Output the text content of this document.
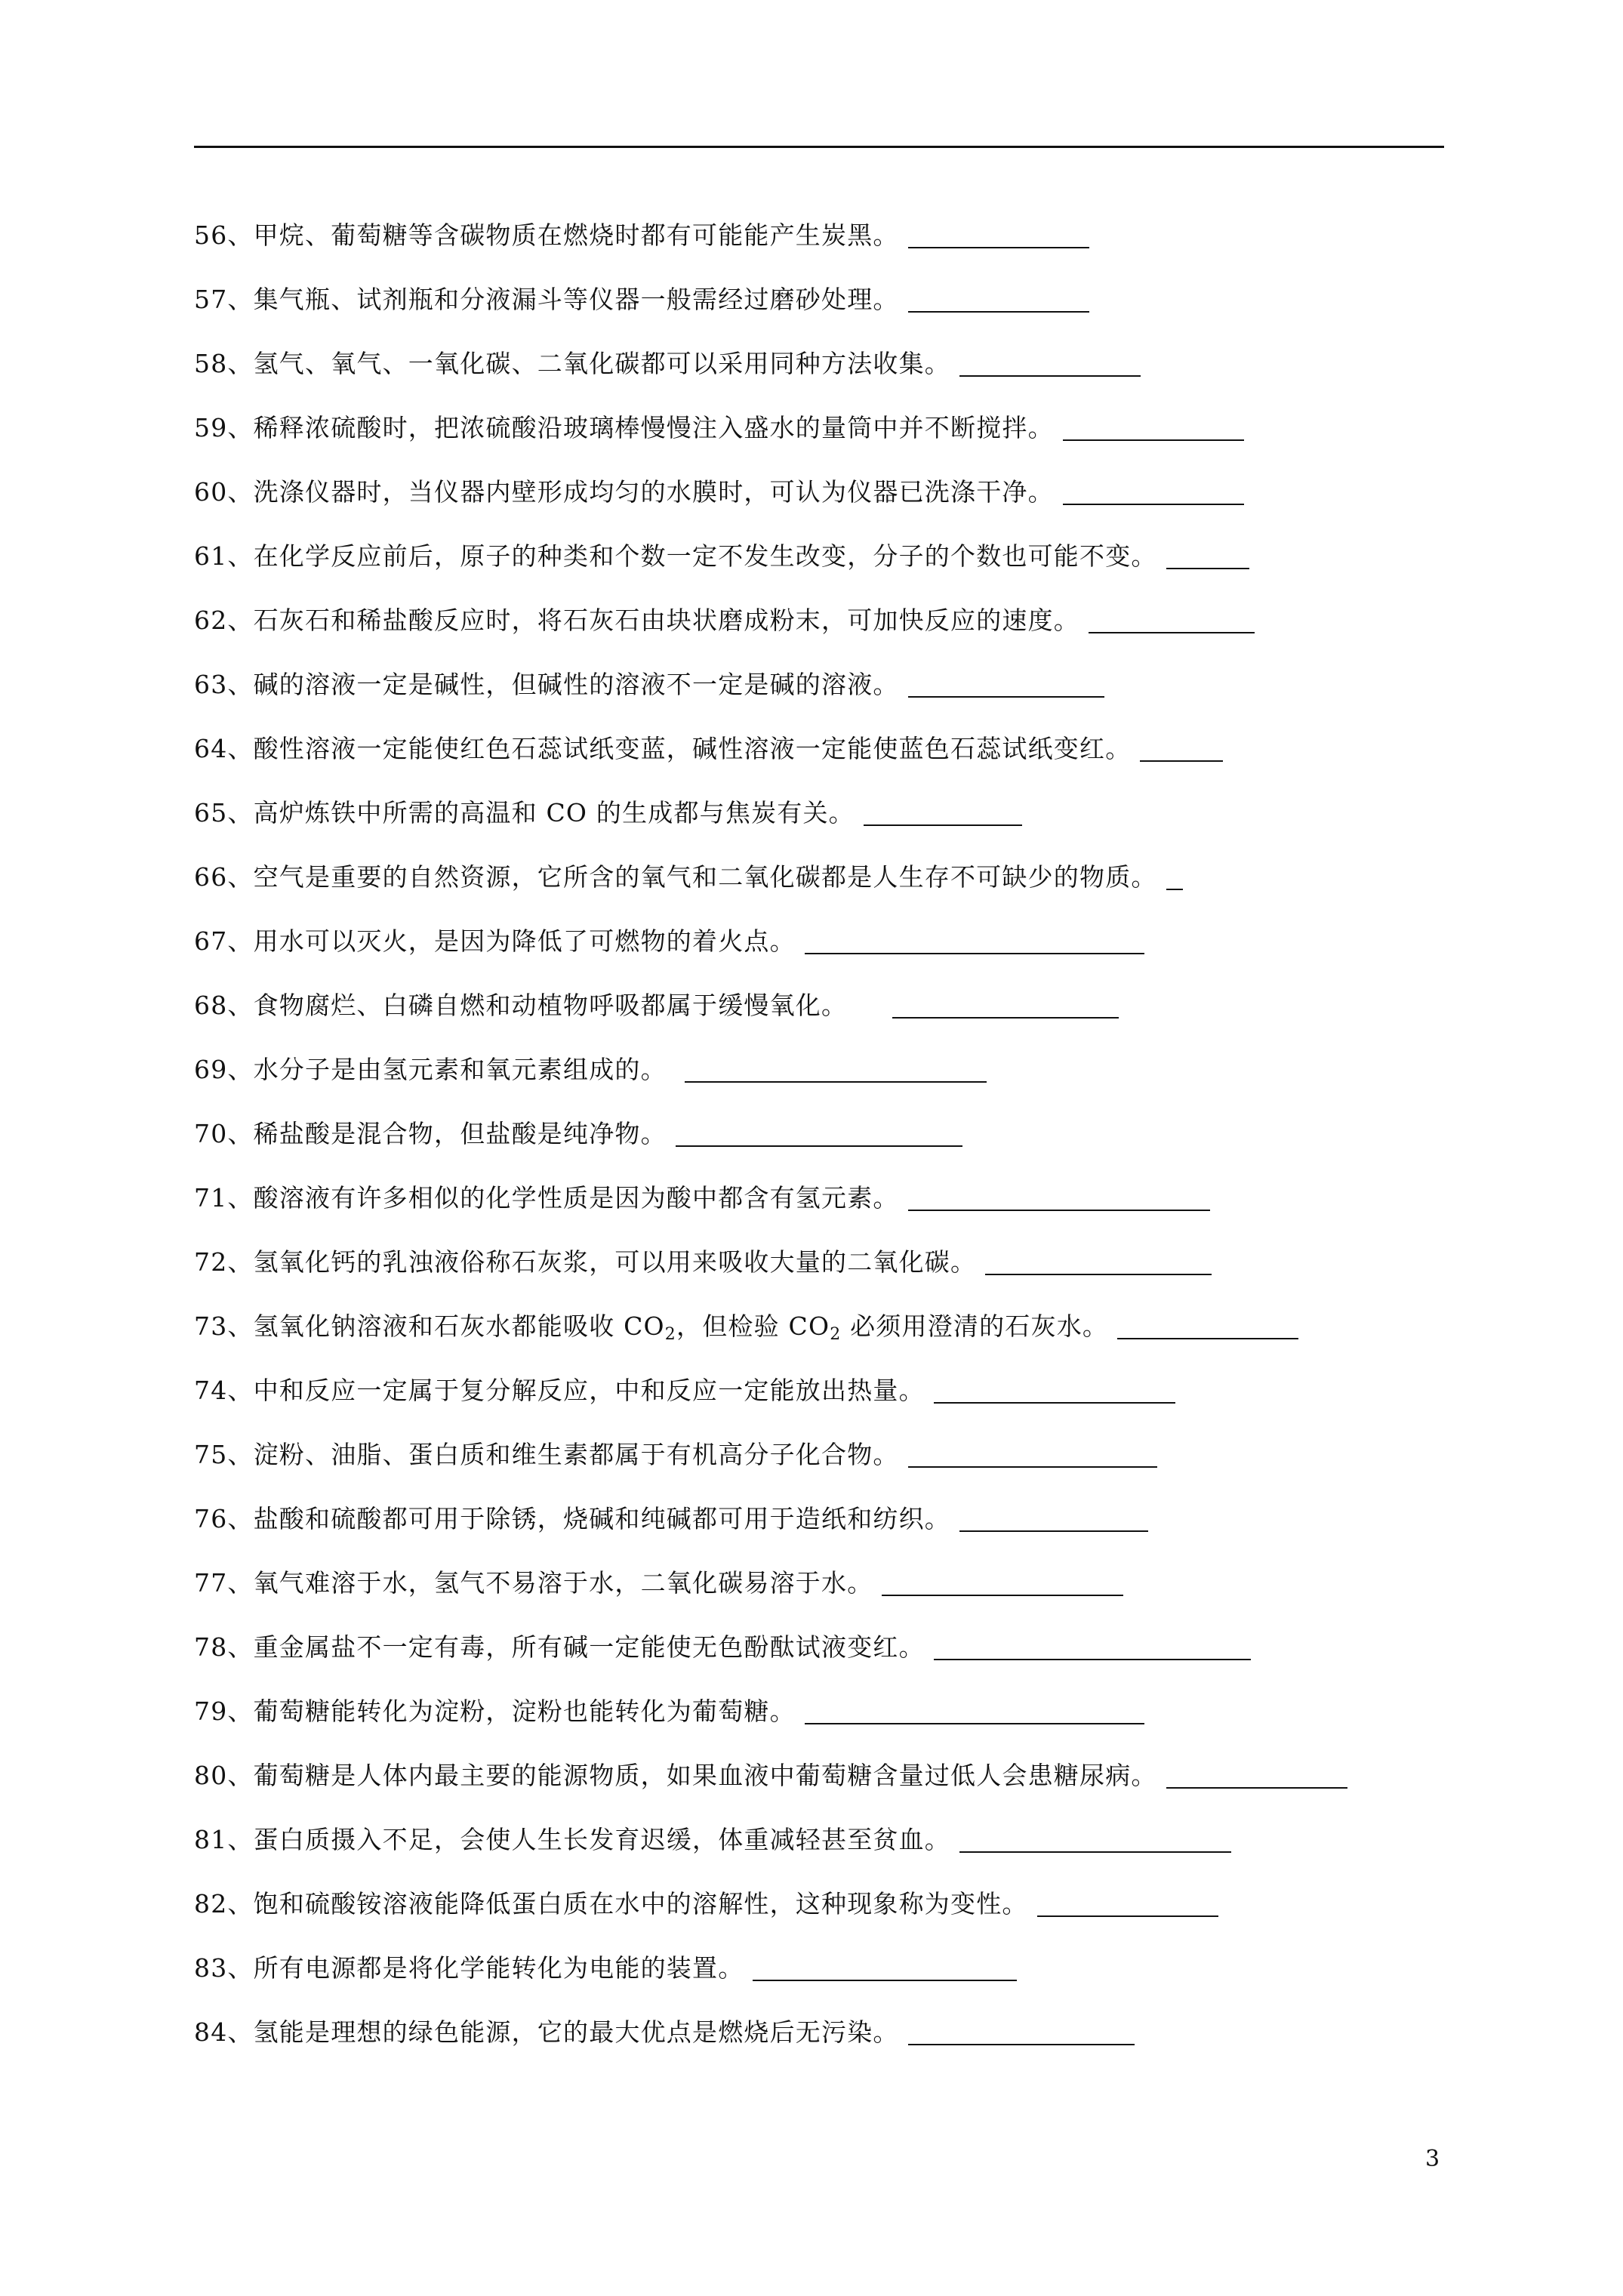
56、甲烷、葡萄糖等含碳物质在燃烧时都有可能能产生炭黑。
57、集气瓶、试剂瓶和分液漏斗等仪器一般需经过磨砂处理。
58、氢气、氧气、一氧化碳、二氧化碳都可以采用同种方法收集。
59、稀释浓硫酸时，把浓硫酸沿玻璃棒慢慢注入盛水的量筒中并不断搅拌。
60、洗涤仪器时，当仪器内壁形成均匀的水膜时，可认为仪器已洗涤干净。
61、在化学反应前后，原子的种类和个数一定不发生改变，分子的个数也可能不变。
62、石灰石和稀盐酸反应时，将石灰石由块状磨成粉末，可加快反应的速度。
63、碱的溶液一定是碱性，但碱性的溶液不一定是碱的溶液。
64、酸性溶液一定能使红色石蕊试纸变蓝，碱性溶液一定能使蓝色石蕊试纸变红。
65、高炉炼铁中所需的高温和 CO 的生成都与焦炭有关。
66、空气是重要的自然资源，它所含的氧气和二氧化碳都是人生存不可缺少的物质。
67、用水可以灭火，是因为降低了可燃物的着火点。
68、食物腐烂、白磷自燃和动植物呼吸都属于缓慢氧化。
69、水分子是由氢元素和氧元素组成的。
70、稀盐酸是混合物，但盐酸是纯净物。
71、酸溶液有许多相似的化学性质是因为酸中都含有氢元素。
72、氢氧化钙的乳浊液俗称石灰浆，可以用来吸收大量的二氧化碳。
73、氢氧化钠溶液和石灰水都能吸收 $CO_2$，但检验 $CO_2$ 必须用澄清的石灰水。
74、中和反应一定属于复分解反应，中和反应一定能放出热量。
75、淀粉、油脂、蛋白质和维生素都属于有机高分子化合物。
76、盐酸和硫酸都可用于除锈，烧碱和纯碱都可用于造纸和纺织。
77、氧气难溶于水，氢气不易溶于水，二氧化碳易溶于水。
78、重金属盐不一定有毒，所有碱一定能使无色酚酞试液变红。
79、葡萄糖能转化为淀粉，淀粉也能转化为葡萄糖。
80、葡萄糖是人体内最主要的能源物质，如果血液中葡萄糖含量过低人会患糖尿病。
81、蛋白质摄入不足，会使人生长发育迟缓，体重减轻甚至贫血。
82、饱和硫酸铵溶液能降低蛋白质在水中的溶解性，这种现象称为变性。
83、所有电源都是将化学能转化为电能的装置。
84、氢能是理想的绿色能源，它的最大优点是燃烧后无污染。
3
